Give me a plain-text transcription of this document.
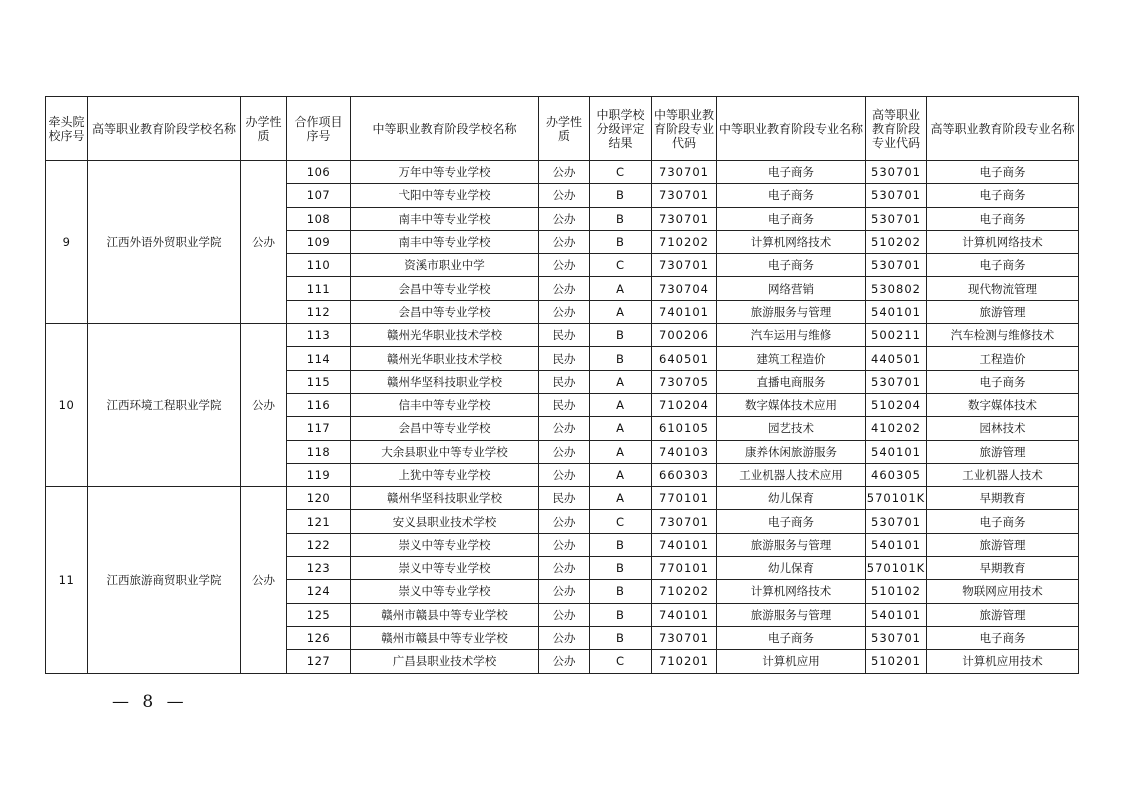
牵头院校序号	高等职业教育阶段学校名称	办学性质	合作项目序号	中等职业教育阶段学校名称	办学性质	中职学校分级评定结果	中等职业教育阶段专业代码	中等职业教育阶段专业名称	高等职业教育阶段专业代码	高等职业教育阶段专业名称
9	江西外语外贸职业学院	公办	106	万年中等专业学校	公办	C	730701	电子商务	530701	电子商务
			107	弋阳中等专业学校	公办	B	730701	电子商务	530701	电子商务
			108	南丰中等专业学校	公办	B	730701	电子商务	530701	电子商务
			109	南丰中等专业学校	公办	B	710202	计算机网络技术	510202	计算机网络技术
			110	资溪市职业中学	公办	C	730701	电子商务	530701	电子商务
			111	会昌中等专业学校	公办	A	730704	网络营销	530802	现代物流管理
			112	会昌中等专业学校	公办	A	740101	旅游服务与管理	540101	旅游管理
10	江西环境工程职业学院	公办	113	赣州光华职业技术学校	民办	B	700206	汽车运用与维修	500211	汽车检测与维修技术
			114	赣州光华职业技术学校	民办	B	640501	建筑工程造价	440501	工程造价
			115	赣州华坚科技职业学校	民办	A	730705	直播电商服务	530701	电子商务
			116	信丰中等专业学校	民办	A	710204	数字媒体技术应用	510204	数字媒体技术
			117	会昌中等专业学校	公办	A	610105	园艺技术	410202	园林技术
			118	大余县职业中等专业学校	公办	A	740103	康养休闲旅游服务	540101	旅游管理
			119	上犹中等专业学校	公办	A	660303	工业机器人技术应用	460305	工业机器人技术
11	江西旅游商贸职业学院	公办	120	赣州华坚科技职业学校	民办	A	770101	幼儿保育	570101K	早期教育
			121	安义县职业技术学校	公办	C	730701	电子商务	530701	电子商务
			122	崇义中等专业学校	公办	B	740101	旅游服务与管理	540101	旅游管理
			123	崇义中等专业学校	公办	B	770101	幼儿保育	570101K	早期教育
			124	崇义中等专业学校	公办	B	710202	计算机网络技术	510102	物联网应用技术
			125	赣州市赣县中等专业学校	公办	B	740101	旅游服务与管理	540101	旅游管理
			126	赣州市赣县中等专业学校	公办	B	730701	电子商务	530701	电子商务
			127	广昌县职业技术学校	公办	C	710201	计算机应用	510201	计算机应用技术
— 8 —
